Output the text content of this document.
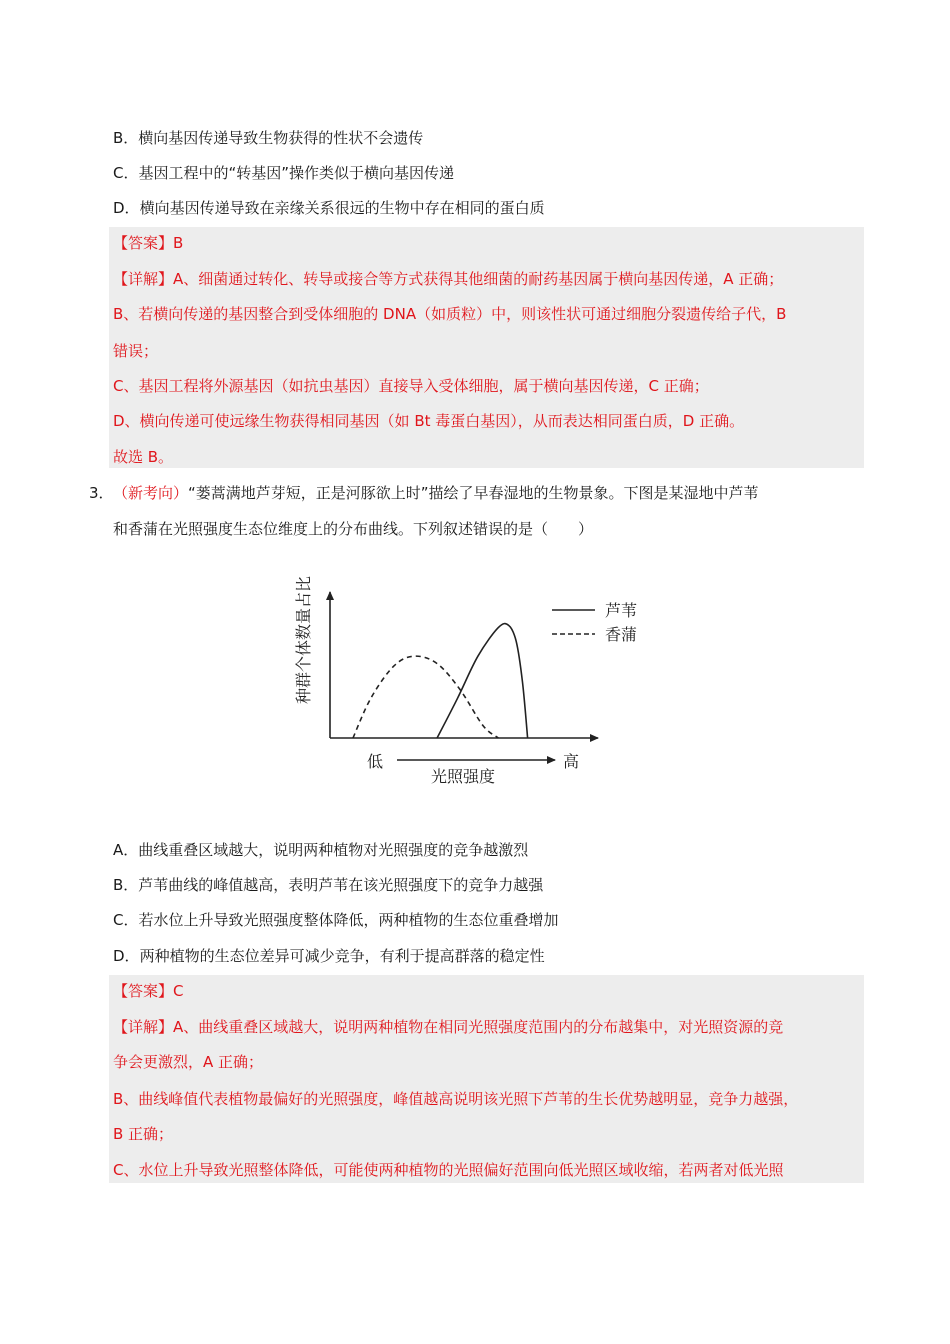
B．横向基因传递导致生物获得的性状不会遗传
C．基因工程中的“转基因”操作类似于横向基因传递
D．横向基因传递导致在亲缘关系很远的生物中存在相同的蛋白质
【答案】B
【详解】A、细菌通过转化、转导或接合等方式获得其他细菌的耐药基因属于横向基因传递，A 正确；
B、若横向传递的基因整合到受体细胞的 DNA（如质粒）中，则该性状可通过细胞分裂遗传给子代，B
错误；
C、基因工程将外源基因（如抗虫基因）直接导入受体细胞，属于横向基因传递，C 正确；
D、横向传递可使远缘生物获得相同基因（如 Bt 毒蛋白基因），从而表达相同蛋白质，D 正确。
故选 B。
3． （新考向）“蒌蒿满地芦芽短，正是河豚欲上时”描绘了早春湿地的生物景象。下图是某湿地中芦苇
和香蒲在光照强度生态位维度上的分布曲线。下列叙述错误的是（　　）
种群个体数量占比
低	高
光照强度
芦苇
香蒲
A．曲线重叠区域越大，说明两种植物对光照强度的竞争越激烈
B．芦苇曲线的峰值越高，表明芦苇在该光照强度下的竞争力越强
C．若水位上升导致光照强度整体降低，两种植物的生态位重叠增加
D．两种植物的生态位差异可减少竞争，有利于提高群落的稳定性
【答案】C
【详解】A、曲线重叠区域越大，说明两种植物在相同光照强度范围内的分布越集中，对光照资源的竞
争会更激烈，A 正确；
B、曲线峰值代表植物最偏好的光照强度，峰值越高说明该光照下芦苇的生长优势越明显，竞争力越强，
B 正确；
C、水位上升导致光照整体降低，可能使两种植物的光照偏好范围向低光照区域收缩，若两者对低光照
